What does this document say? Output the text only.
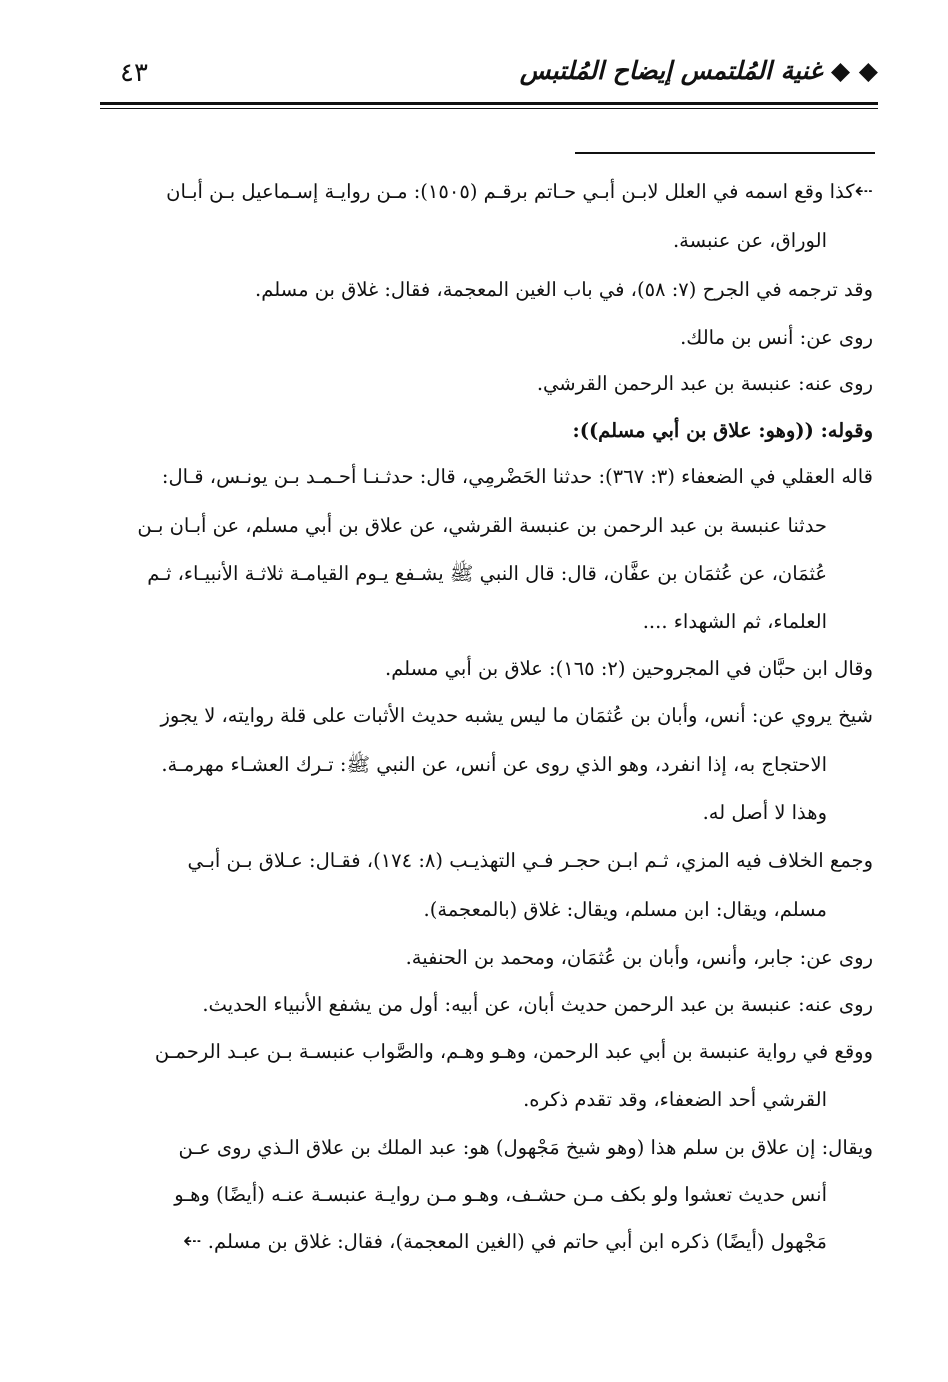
٤٣	◆ ◆ غنية المُلتمس إيضاح المُلتبس
⇠كذا وقع اسمه في العلل لابـن أبـي حـاتم برقـم (١٥٠٥): مـن روايـة إسـماعيل بـن أبـان
الوراق، عن عنبسة.
وقد ترجمه في الجرح (٧: ٥٨)، في باب الغين المعجمة، فقال: غلاق بن مسلم.
روى عن: أنس بن مالك.
روى عنه: عنبسة بن عبد الرحمن القرشي.
وقوله: ((وهو: علاق بن أبي مسلم)):
قاله العقلي في الضعفاء (٣: ٣٦٧): حدثنا الحَضْرمِي، قال: حدثـنـا أحـمـد بـن يونـس، قـال:
حدثنا عنبسة بن عبد الرحمن بن عنبسة القرشي، عن علاق بن أبي مسلم، عن أبـان بـن
عُثمَان، عن عُثمَان بن عفَّان، قال: قال النبي ﷺ يشـفع يـوم القيامـة ثلاثـة الأنبيـاء، ثـم
العلماء، ثم الشهداء ....
وقال ابن حبَّان في المجروحين (٢: ١٦٥): علاق بن أبي مسلم.
شيخ يروي عن: أنس، وأبان بن عُثمَان ما ليس يشبه حديث الأثبات على قلة روايته، لا يجوز
الاحتجاج به، إذا انفرد، وهو الذي روى عن أنس، عن النبي ﷺ: تـرك العشـاء مهرمـة.
وهذا لا أصل له.
وجمع الخلاف فيه المزي، ثـم ابـن حجـر فـي التهذيـب (٨: ١٧٤)، فقـال: عـلاق بـن أبـي
مسلم، ويقال: ابن مسلم، ويقال: غلاق (بالمعجمة).
روى عن: جابر، وأنس، وأبان بن عُثمَان، ومحمد بن الحنفية.
روى عنه: عنبسة بن عبد الرحمن حديث أبان، عن أبيه: أول من يشفع الأنبياء الحديث.
ووقع في رواية عنبسة بن أبي عبد الرحمن، وهـو وهـم، والصَّواب عنبسـة بـن عبـد الرحمـن
القرشي أحد الضعفاء، وقد تقدم ذكره.
ويقال: إن علاق بن سلم هذا (وهو شيخ مَجْهول) هو: عبد الملك بن علاق الـذي روى عـن
أنس حديث تعشوا ولو بكف مـن حشـف، وهـو مـن روايـة عنبسـة عنـه (أيضًا) وهـو
مَجْهول (أيضًا) ذكره ابن أبي حاتم في (الغين المعجمة)، فقال: غلاق بن مسلم. ⇠
